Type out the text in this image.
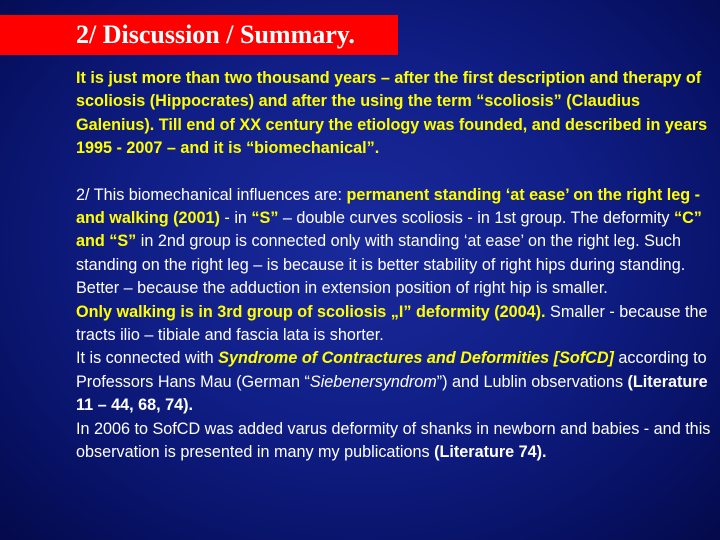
2/ Discussion / Summary.

It is just more than two thousand years – after the first description and therapy of scoliosis (Hippocrates) and after the using the term “scoliosis” (Claudius Galenius). Till end of XX century the etiology was founded, and described in years 1995 - 2007 – and it is “biomechanical”.

2/ This biomechanical influences are: permanent standing ‘at ease’ on the right leg - and walking (2001) - in “S” – double curves scoliosis - in 1st group. The deformity “C” and “S” in 2nd group is connected only with standing ‘at ease’ on the right leg. Such standing on the right leg – is because it is better stability of right hips during standing. Better – because the adduction in extension position of right hip is smaller.

Only walking is in 3rd group of scoliosis „I” deformity (2004). Smaller - because the tracts ilio – tibiale and fascia lata is shorter.

It is connected with Syndrome of Contractures and Deformities [SofCD] according to Professors Hans Mau (German “Siebenersyndrom”) and Lublin observations (Literature 11 – 44, 68, 74).

In 2006 to SofCD was added varus deformity of shanks in newborn and babies - and this observation is presented in many my publications (Literature 74).
